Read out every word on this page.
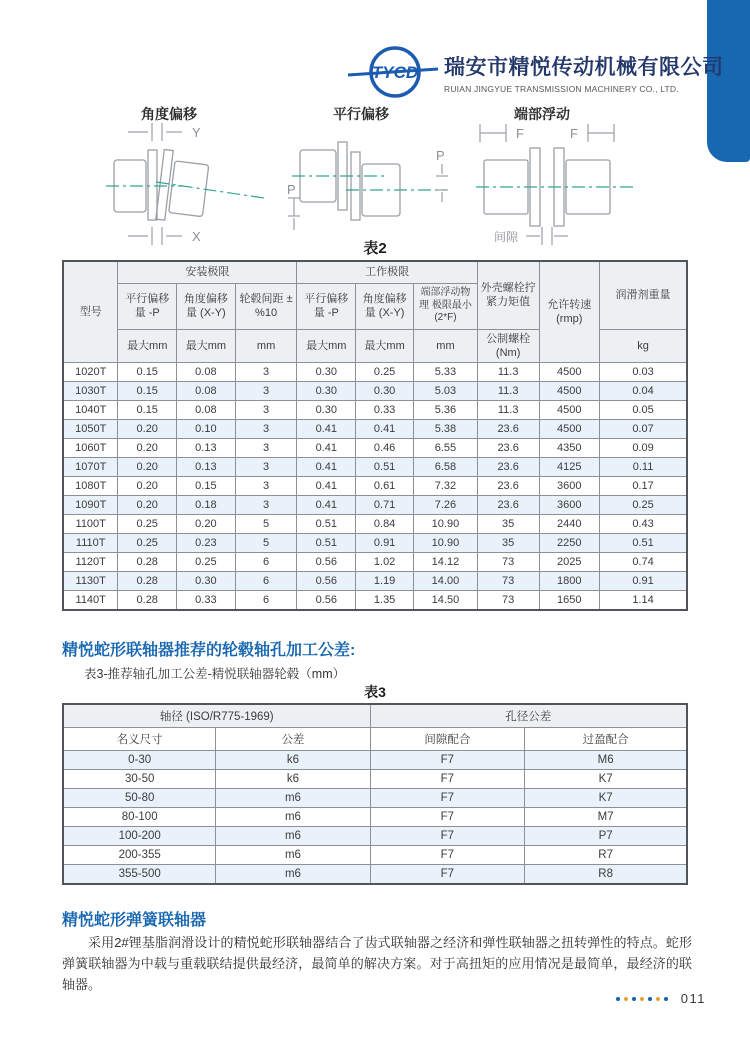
TYCD 瑞安市精悦传动机械有限公司
RUIAN JINGYUE TRANSMISSION MACHINERY CO., LTD.
角度偏移	平行偏移	端部浮动
Y
X
P
P
F	F
间隙
表2
型号	安装极限			工作极限			外壳螺栓拧 紧力矩值	允许转速 (rmp)	润滑剂重量
	平行偏移量 -P	角度偏移量 (X-Y)	轮毂间距 ±%10	平行偏移量 -P	角度偏移量 (X-Y)	端部浮动物理 极限最小 (2*F)			
	最大mm	最大mm	mm	最大mm	最大mm	mm	公制螺栓 (Nm)		kg
1020T	0.15	0.08	3	0.30	0.25	5.33	11.3	4500	0.03
1030T	0.15	0.08	3	0.30	0.30	5.03	11.3	4500	0.04
1040T	0.15	0.08	3	0.30	0.33	5.36	11.3	4500	0.05
1050T	0.20	0.10	3	0.41	0.41	5.38	23.6	4500	0.07
1060T	0.20	0.13	3	0.41	0.46	6.55	23.6	4350	0.09
1070T	0.20	0.13	3	0.41	0.51	6.58	23.6	4125	0.11
1080T	0.20	0.15	3	0.41	0.61	7.32	23.6	3600	0.17
1090T	0.20	0.18	3	0.41	0.71	7.26	23.6	3600	0.25
1100T	0.25	0.20	5	0.51	0.84	10.90	35	2440	0.43
1110T	0.25	0.23	5	0.51	0.91	10.90	35	2250	0.51
1120T	0.28	0.25	6	0.56	1.02	14.12	73	2025	0.74
1130T	0.28	0.30	6	0.56	1.19	14.00	73	1800	0.91
1140T	0.28	0.33	6	0.56	1.35	14.50	73	1650	1.14
精悦蛇形联轴器推荐的轮毂轴孔加工公差:
表3-推荐轴孔加工公差-精悦联轴器轮毂（mm）
表3
轴径 (ISO/R775-1969)		孔径公差	
名义尺寸	公差	间隙配合	过盈配合
0-30	k6	F7	M6
30-50	k6	F7	K7
50-80	m6	F7	K7
80-100	m6	F7	M7
100-200	m6	F7	P7
200-355	m6	F7	R7
355-500	m6	F7	R8
精悦蛇形弹簧联轴器
采用2#锂基脂润滑设计的精悦蛇形联轴器结合了齿式联轴器之经济和弹性联轴器之扭转弹性的特点。蛇形弹簧联轴器为中载与重载联结提供最经济，最简单的解决方案。对于高扭矩的应用情况是最简单，最经济的联轴器。
011
